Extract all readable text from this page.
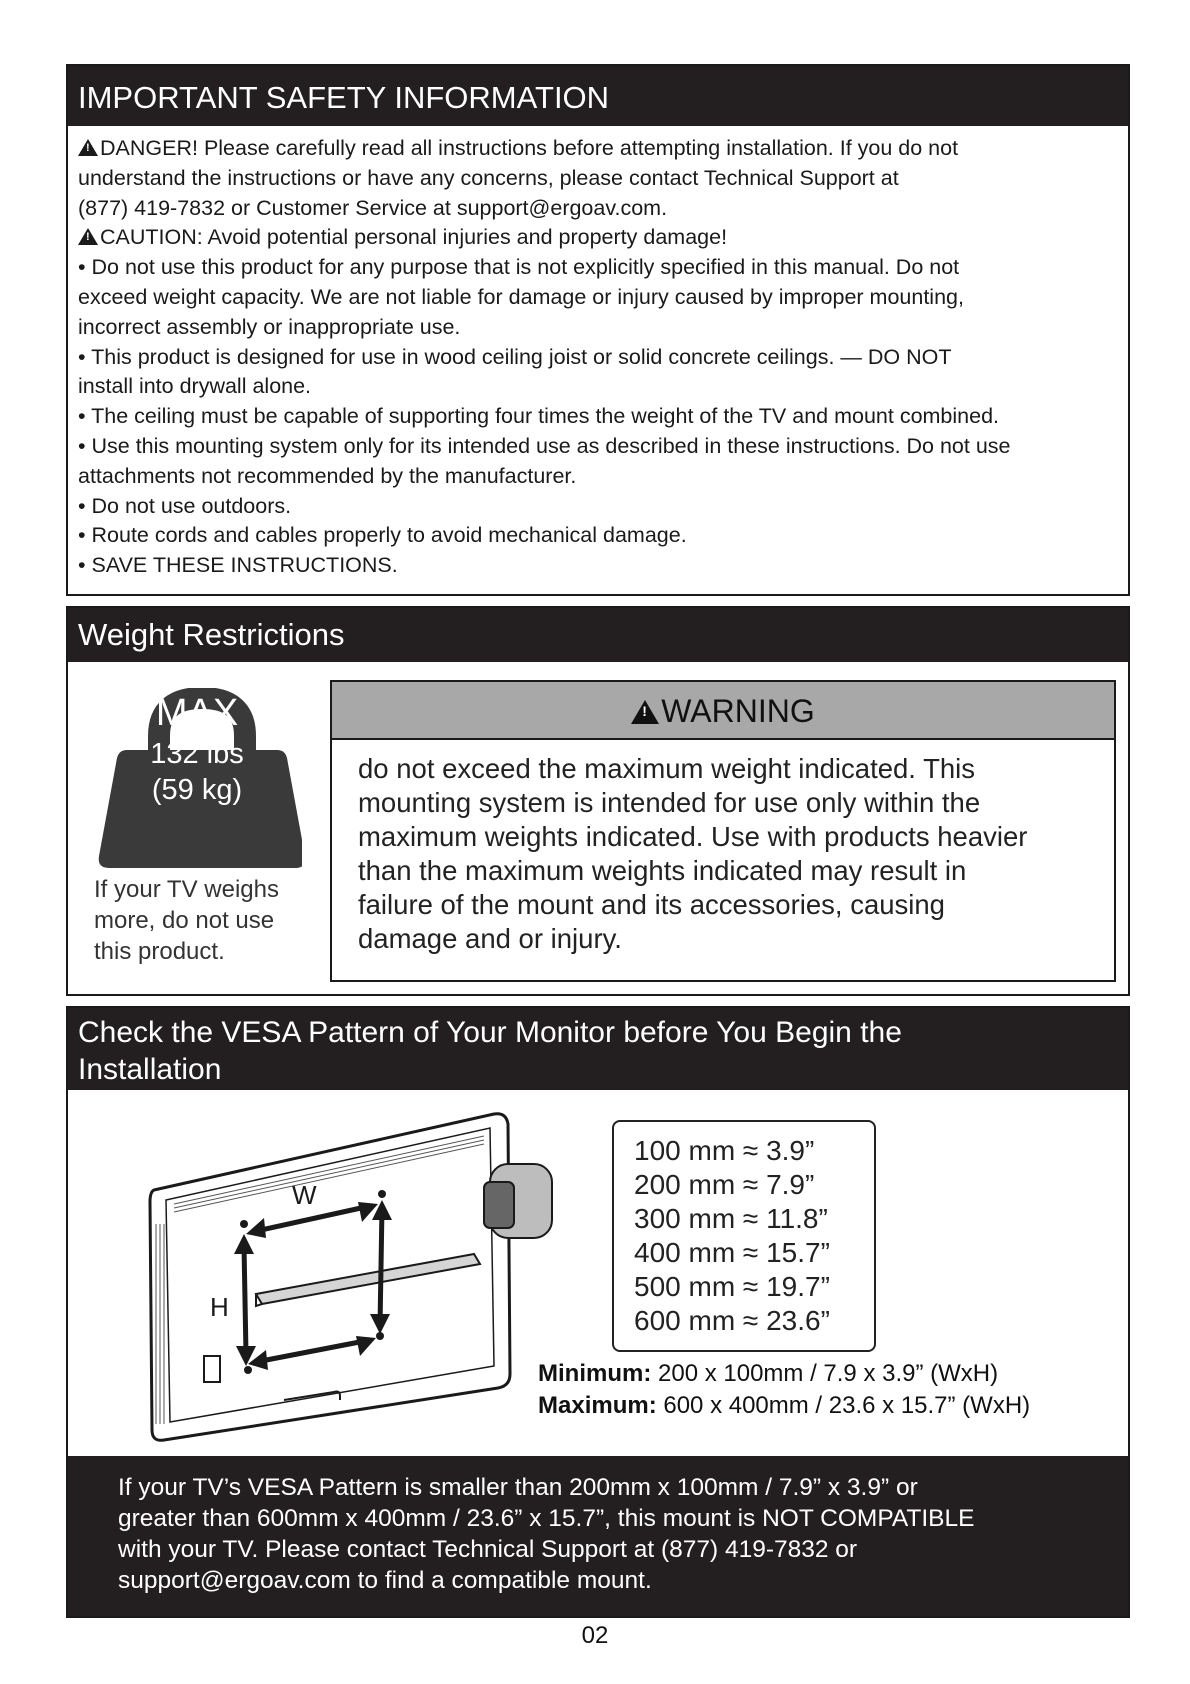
IMPORTANT SAFETY INFORMATION

!DANGER! Please carefully read all instructions before attempting installation. If you do not

understand the instructions or have any concerns, please contact Technical Support at

(877) 419-7832 or Customer Service at support@ergoav.com.

!CAUTION: Avoid potential personal injuries and property damage!

• Do not use this product for any purpose that is not explicitly specified in this manual. Do not

exceed weight capacity. We are not liable for damage or injury caused by improper mounting,

incorrect assembly or inappropriate use.

• This product is designed for use in wood ceiling joist or solid concrete ceilings. — DO NOT

install into drywall alone.

• The ceiling must be capable of supporting four times the weight of the TV and mount combined.

• Use this mounting system only for its intended use as described in these instructions. Do not use

attachments not recommended by the manufacturer.

• Do not use outdoors.

• Route cords and cables properly to avoid mechanical damage.

• SAVE THESE INSTRUCTIONS.

Weight Restrictions
MAX
132 lbs
(59 kg)
If your TV weighs
more, do not use
this product.
!WARNING
do not exceed the maximum weight indicated. This
mounting system is intended for use only within the
maximum weights indicated. Use with products heavier
than the maximum weights indicated may result in
failure of the mount and its accessories, causing
damage and or injury.
Check the VESA Pattern of Your Monitor before You Begin the
Installation
W
H
100 mm ≈ 3.9”
200 mm ≈ 7.9”
300 mm ≈ 11.8”
400 mm ≈ 15.7”
500 mm ≈ 19.7”
600 mm ≈ 23.6”
Minimum: 200 x 100mm / 7.9 x 3.9” (WxH)
Maximum: 600 x 400mm / 23.6 x 15.7” (WxH)

If your TV’s VESA Pattern is smaller than 200mm x 100mm / 7.9” x 3.9” or

greater than 600mm x 400mm / 23.6” x 15.7”, this mount is NOT COMPATIBLE

with your TV. Please contact Technical Support at (877) 419-7832 or

support@ergoav.com to find a compatible mount.

02
